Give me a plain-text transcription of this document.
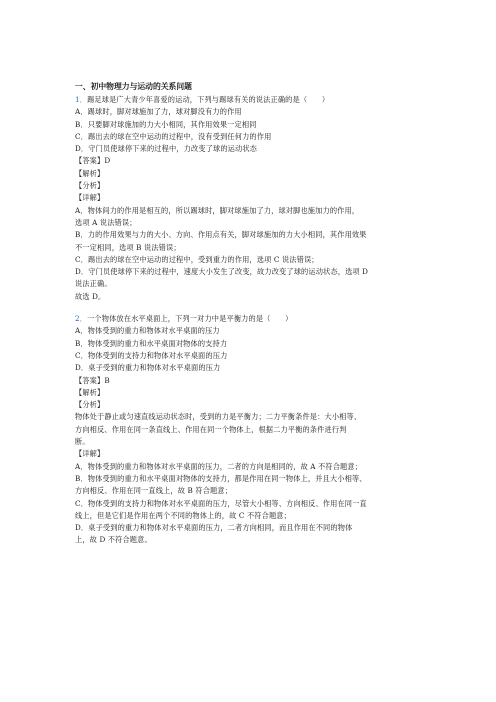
一、初中物理力与运动的关系问题
1．踢足球是广大青少年喜爱的运动，下列与踢球有关的说法正确的是（　　）
A．踢球时，脚对球施加了力，球对脚没有力的作用
B．只要脚对球施加的力大小相同，其作用效果一定相同
C．踢出去的球在空中运动的过程中，没有受到任何力的作用
D．守门员使球停下来的过程中，力改变了球的运动状态
【答案】D
【解析】
【分析】
【详解】
A．物体间力的作用是相互的，所以踢球时，脚对球施加了力，球对脚也施加力的作用，
选项 A 说法错误；
B．力的作用效果与力的大小、方向、作用点有关，脚对球施加的力大小相同，其作用效果
不一定相同，选项 B 说法错误；
C．踢出去的球在空中运动的过程中，受到重力的作用，选项 C 说法错误；
D．守门员使球停下来的过程中，速度大小发生了改变，故力改变了球的运动状态，选项 D
说法正确。
故选 D。
2．一个物体放在水平桌面上，下列一对力中是平衡力的是（　　）
A．物体受到的重力和物体对水平桌面的压力
B．物体受到的重力和水平桌面对物体的支持力
C．物体受到的支持力和物体对水平桌面的压力
D．桌子受到的重力和物体对水平桌面的压力
【答案】B
【解析】
【分析】
物体处于静止或匀速直线运动状态时，受到的力是平衡力；二力平衡条件是：大小相等、
方向相反、作用在同一条直线上、作用在同一个物体上，根据二力平衡的条件进行判
断。
【详解】
A．物体受到的重力和物体对水平桌面的压力，二者的方向是相同的，故 A 不符合题意；
B．物体受到的重力和水平桌面对物体的支持力，都是作用在同一物体上，并且大小相等、
方向相反、作用在同一直线上，故 B 符合题意；
C．物体受到的支持力和物体对水平桌面的压力，尽管大小相等、方向相反、作用在同一直
线上，但是它们是作用在两个不同的物体上的，故 C 不符合题意；
D．桌子受到的重力和物体对水平桌面的压力，二者方向相同，而且作用在不同的物体
上，故 D 不符合题意。
